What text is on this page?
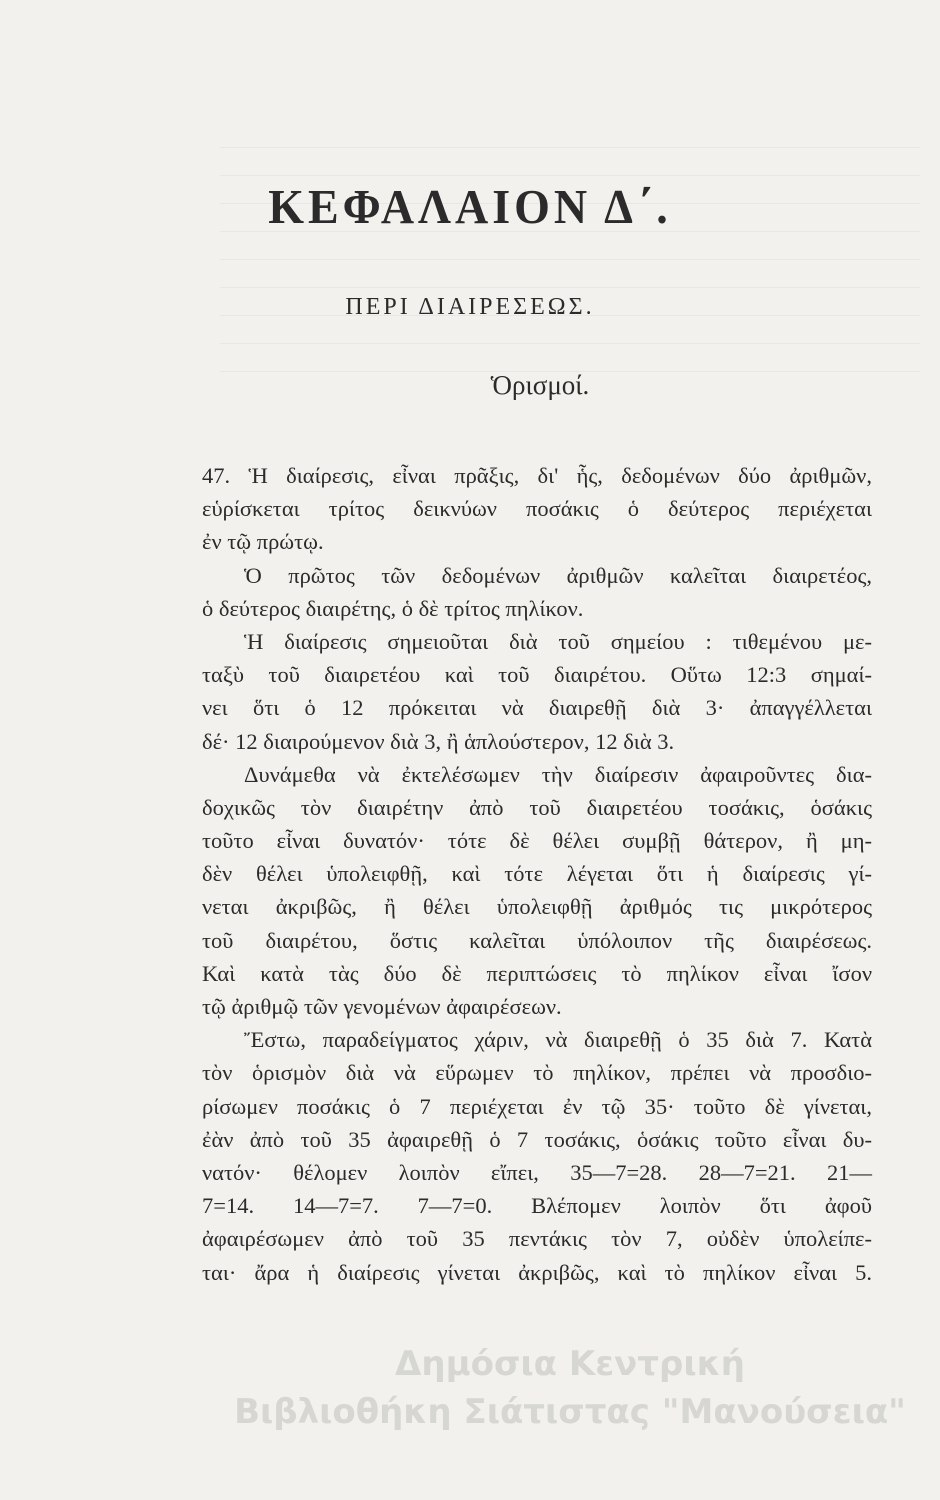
ΚΕΦΑΛΑΙΟΝ Δ΄.
ΠΕΡΙ ΔΙΑΙΡΕΣΕΩΣ.
Ὁρισμοί.
47. Ἡ διαίρεσις, εἶναι πρᾶξις, δι' ἧς, δεδομένων δύο ἀριθμῶν,
εὑρίσκεται τρίτος δεικνύων ποσάκις ὁ δεύτερος περιέχεται
ἐν τῷ πρώτῳ.
Ὁ πρῶτος τῶν δεδομένων ἀριθμῶν καλεῖται διαιρετέος,
ὁ δεύτερος διαιρέτης, ὁ δὲ τρίτος πηλίκον.
Ἡ διαίρεσις σημειοῦται διὰ τοῦ σημείου : τιθεμένου με-
ταξὺ τοῦ διαιρετέου καὶ τοῦ διαιρέτου. Οὕτω 12:3 σημαί-
νει ὅτι ὁ 12 πρόκειται νὰ διαιρεθῇ διὰ 3· ἀπαγγέλλεται
δέ· 12 διαιρούμενον διὰ 3, ἢ ἁπλούστερον, 12 διὰ 3.
Δυνάμεθα νὰ ἐκτελέσωμεν τὴν διαίρεσιν ἀφαιροῦντες δια-
δοχικῶς τὸν διαιρέτην ἀπὸ τοῦ διαιρετέου τοσάκις, ὁσάκις
τοῦτο εἶναι δυνατόν· τότε δὲ θέλει συμβῇ θάτερον, ἢ μη-
δὲν θέλει ὑπολειφθῇ, καὶ τότε λέγεται ὅτι ἡ διαίρεσις γί-
νεται ἀκριβῶς, ἢ θέλει ὑπολειφθῇ ἀριθμός τις μικρότερος
τοῦ διαιρέτου, ὅστις καλεῖται ὑπόλοιπον τῆς διαιρέσεως.
Καὶ κατὰ τὰς δύο δὲ περιπτώσεις τὸ πηλίκον εἶναι ἴσον
τῷ ἀριθμῷ τῶν γενομένων ἀφαιρέσεων.
Ἔστω, παραδείγματος χάριν, νὰ διαιρεθῇ ὁ 35 διὰ 7. Κατὰ
τὸν ὁρισμὸν διὰ νὰ εὕρωμεν τὸ πηλίκον, πρέπει νὰ προσδιο-
ρίσωμεν ποσάκις ὁ 7 περιέχεται ἐν τῷ 35· τοῦτο δὲ γίνεται,
ἐὰν ἀπὸ τοῦ 35 ἀφαιρεθῇ ὁ 7 τοσάκις, ὁσάκις τοῦτο εἶναι δυ-
νατόν· θέλομεν λοιπὸν εἴπει, 35—7=28. 28—7=21. 21—
7=14. 14—7=7. 7—7=0. Βλέπομεν λοιπὸν ὅτι ἀφοῦ
ἀφαιρέσωμεν ἀπὸ τοῦ 35 πεντάκις τὸν 7, οὐδὲν ὑπολείπε-
ται· ἄρα ἡ διαίρεσις γίνεται ἀκριβῶς, καὶ τὸ πηλίκον εἶναι 5.
Δημόσια Κεντρική
Βιβλιοθήκη Σιάτιστας "Μανούσεια"
